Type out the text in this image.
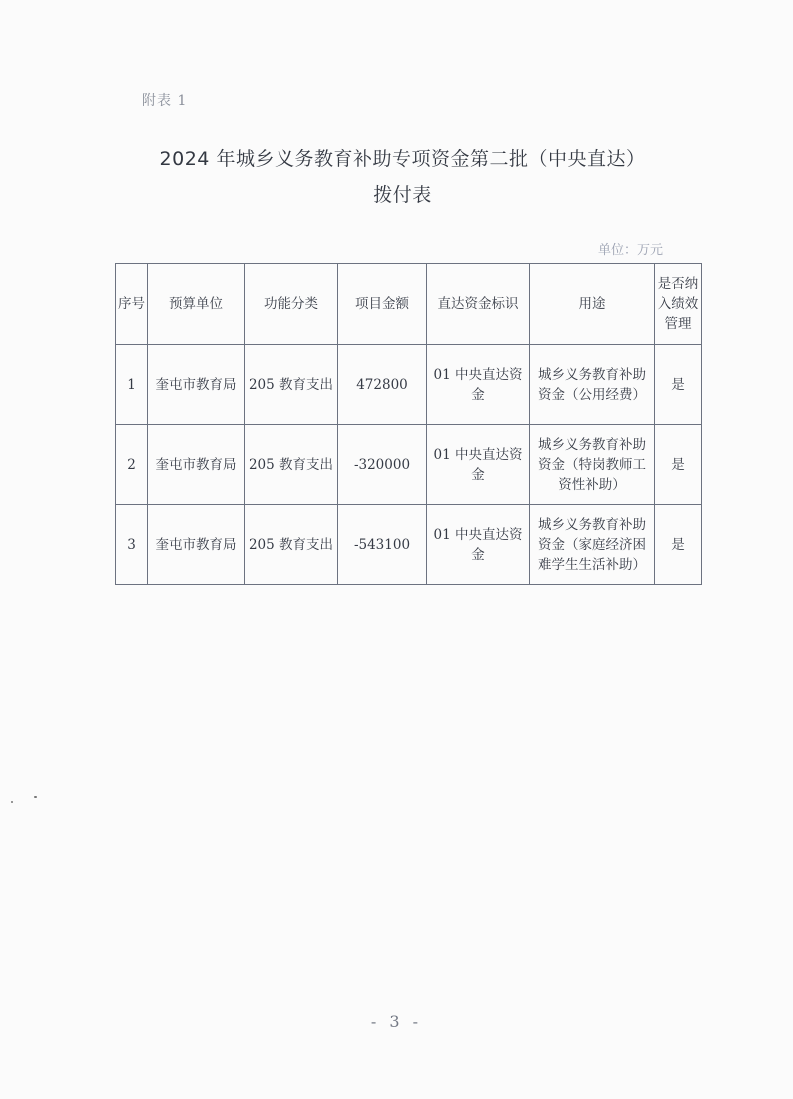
附表 1
2024 年城乡义务教育补助专项资金第二批（中央直达）
拨付表
单位：万元
序号	预算单位	功能分类	项目金额	直达资金标识	用途	是否纳入绩效管理
1	奎屯市教育局	205 教育支出	472800	01 中央直达资金	城乡义务教育补助资金（公用经费）	是
2	奎屯市教育局	205 教育支出	-320000	01 中央直达资金	城乡义务教育补助资金（特岗教师工资性补助）	是
3	奎屯市教育局	205 教育支出	-543100	01 中央直达资金	城乡义务教育补助资金（家庭经济困难学生生活补助）	是
- 3 -
